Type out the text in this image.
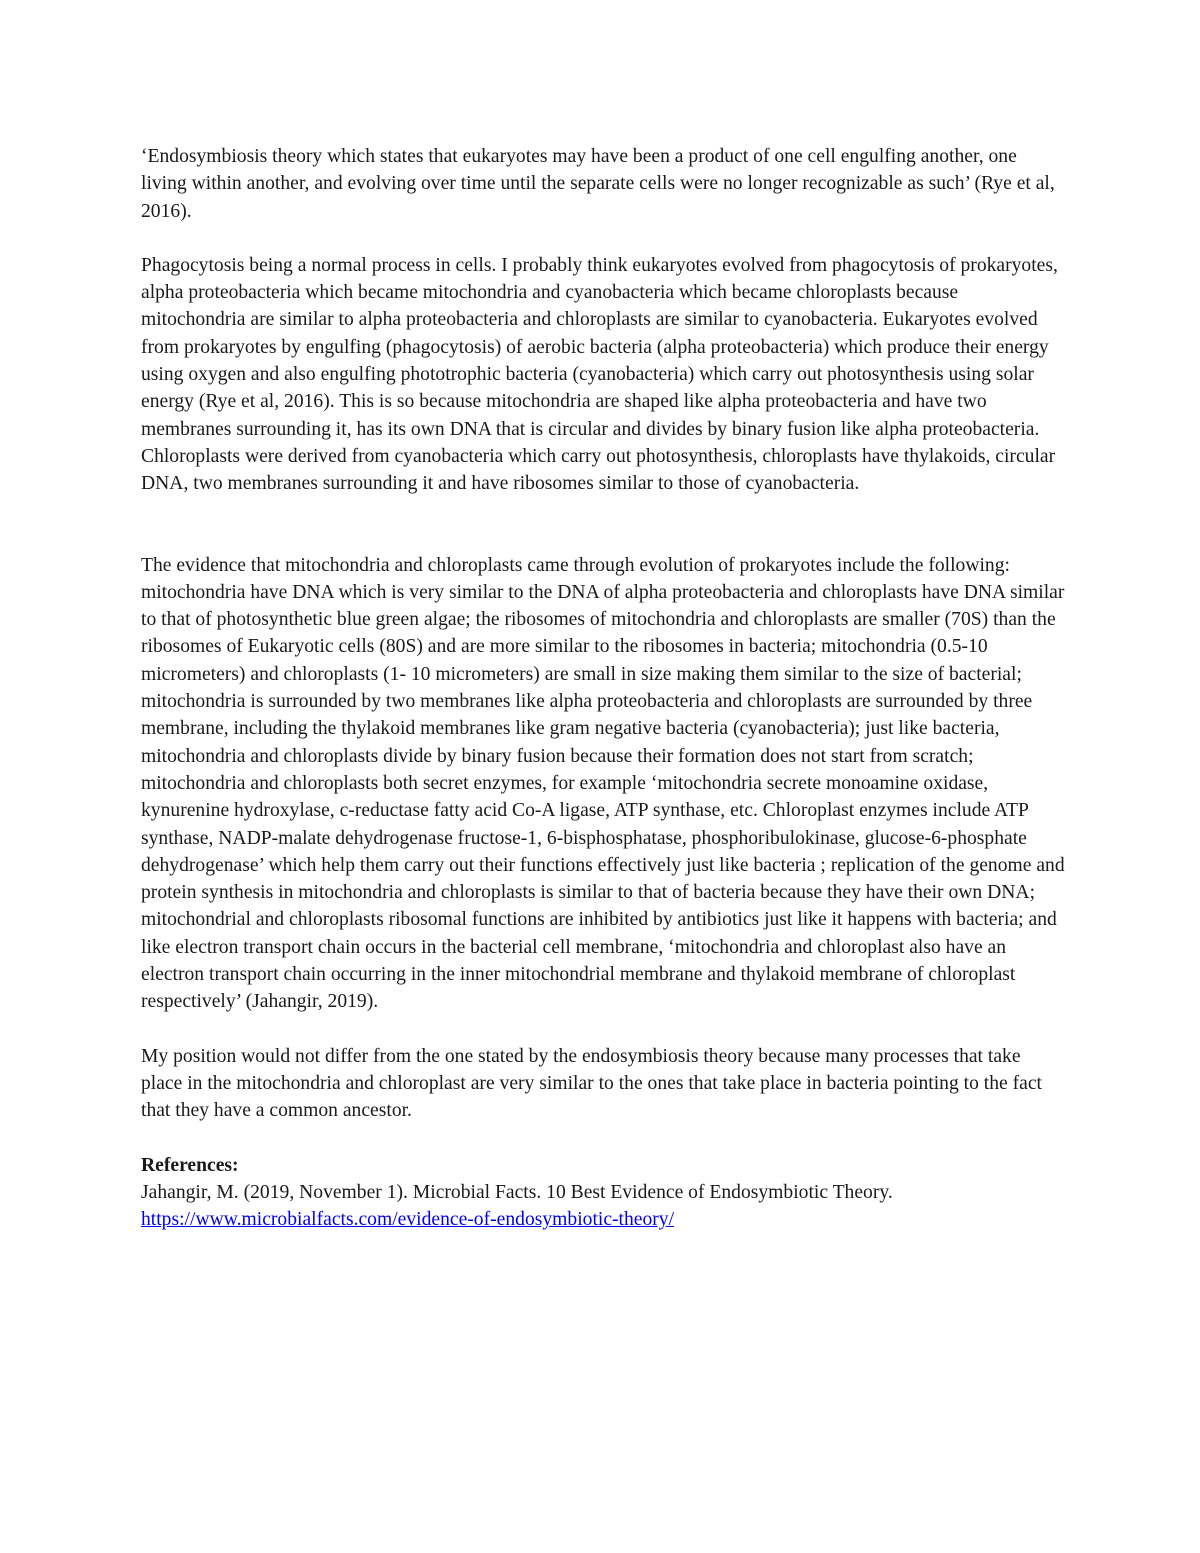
‘Endosymbiosis theory which states that eukaryotes may have been a product of one cell engulfing another, one living within another, and evolving over time until the separate cells were no longer recognizable as such’ (Rye et al, 2016).

Phagocytosis being a normal process in cells. I probably think eukaryotes evolved from phagocytosis of prokaryotes, alpha proteobacteria which became mitochondria and cyanobacteria which became chloroplasts because mitochondria are similar to alpha proteobacteria and chloroplasts are similar to cyanobacteria. Eukaryotes evolved from prokaryotes by engulfing (phagocytosis) of aerobic bacteria (alpha proteobacteria) which produce their energy using oxygen and also engulfing phototrophic bacteria (cyanobacteria) which carry out photosynthesis using solar energy (Rye et al, 2016). This is so because mitochondria are shaped like alpha proteobacteria and have two membranes surrounding it, has its own DNA that is circular and divides by binary fusion like alpha proteobacteria. Chloroplasts were derived from cyanobacteria which carry out photosynthesis, chloroplasts have thylakoids, circular DNA, two membranes surrounding it and have ribosomes similar to those of cyanobacteria.

The evidence that mitochondria and chloroplasts came through evolution of prokaryotes include the following: mitochondria have DNA which is very similar to the DNA of alpha proteobacteria and chloroplasts have DNA similar to that of photosynthetic blue green algae; the ribosomes of mitochondria and chloroplasts are smaller (70S) than the ribosomes of Eukaryotic cells (80S) and are more similar to the ribosomes in bacteria; mitochondria (0.5-10 micrometers) and chloroplasts (1- 10 micrometers) are small in size making them similar to the size of bacterial; mitochondria is surrounded by two membranes like alpha proteobacteria and chloroplasts are surrounded by three membrane, including the thylakoid membranes like gram negative bacteria (cyanobacteria); just like bacteria, mitochondria and chloroplasts divide by binary fusion because their formation does not start from scratch; mitochondria and chloroplasts both secret enzymes, for example ‘mitochondria secrete monoamine oxidase, kynurenine hydroxylase, c-reductase fatty acid Co-A ligase, ATP synthase, etc. Chloroplast enzymes include ATP synthase, NADP-malate dehydrogenase fructose-1, 6-bisphosphatase, phosphoribulokinase, glucose-6-phosphate dehydrogenase’ which help them carry out their functions effectively just like bacteria ; replication of the genome and protein synthesis in mitochondria and chloroplasts is similar to that of bacteria because they have their own DNA; mitochondrial and chloroplasts ribosomal functions are inhibited by antibiotics just like it happens with bacteria; and like electron transport chain occurs in the bacterial cell membrane, ‘mitochondria and chloroplast also have an electron transport chain occurring in the inner mitochondrial membrane and thylakoid membrane of chloroplast respectively’ (Jahangir, 2019).

My position would not differ from the one stated by the endosymbiosis theory because many processes that take place in the mitochondria and chloroplast are very similar to the ones that take place in bacteria pointing to the fact that they have a common ancestor.

References:

Jahangir, M. (2019, November 1). Microbial Facts. 10 Best Evidence of Endosymbiotic Theory.

https://www.microbialfacts.com/evidence-of-endosymbiotic-theory/
